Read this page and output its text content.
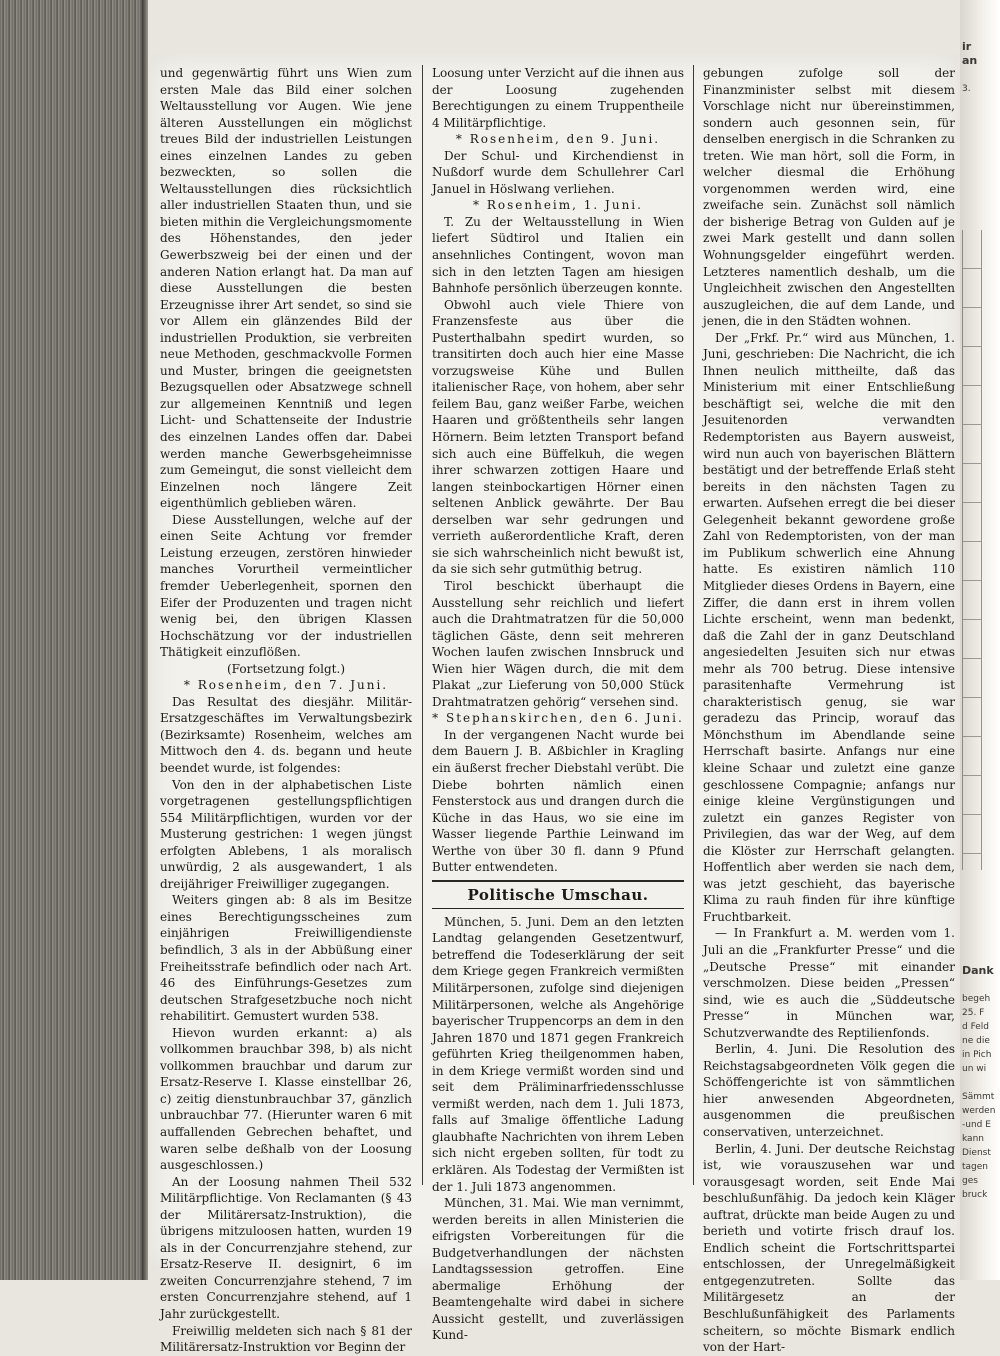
und gegenwärtig führt uns Wien zum ersten Male das Bild einer solchen Weltausstellung vor Augen. Wie jene älteren Ausstellungen ein möglichst treues Bild der industriellen Leistungen eines einzelnen Landes zu geben bezweckten, so sollen die Weltausstellungen dies rücksichtlich aller industriellen Staaten thun, und sie bieten mithin die Vergleichungsmomente des Höhenstandes, den jeder Gewerbszweig bei der einen und der anderen Nation erlangt hat. Da man auf diese Ausstellungen die besten Erzeugnisse ihrer Art sendet, so sind sie vor Allem ein glänzendes Bild der industriellen Produktion, sie verbreiten neue Methoden, geschmackvolle Formen und Muster, bringen die geeignetsten Bezugsquellen oder Absatzwege schnell zur allgemeinen Kenntniß und legen Licht- und Schattenseite der Industrie des einzelnen Landes offen dar. Dabei werden manche Gewerbsgeheimnisse zum Gemeingut, die sonst vielleicht dem Einzelnen noch längere Zeit eigenthümlich geblieben wären.

Diese Ausstellungen, welche auf der einen Seite Achtung vor fremder Leistung erzeugen, zerstören hinwieder manches Vorurtheil vermeintlicher fremder Ueberlegenheit, spornen den Eifer der Produzenten und tragen nicht wenig bei, den übrigen Klassen Hochschätzung vor der industriellen Thätigkeit einzuflößen.

(Fortsetzung folgt.)

* Rosenheim, den 7. Juni.

Das Resultat des diesjähr. Militär-Ersatzgeschäftes im Verwaltungsbezirk (Bezirksamte) Rosenheim, welches am Mittwoch den 4. ds. begann und heute beendet wurde, ist folgendes:

Von den in der alphabetischen Liste vorgetragenen gestellungspflichtigen 554 Militärpflichtigen, wurden vor der Musterung gestrichen: 1 wegen jüngst erfolgten Ablebens, 1 als moralisch unwürdig, 2 als ausgewandert, 1 als dreijähriger Freiwilliger zugegangen.

Weiters gingen ab: 8 als im Besitze eines Berechtigungsscheines zum einjährigen Freiwilligendienste befindlich, 3 als in der Abbüßung einer Freiheitsstrafe befindlich oder nach Art. 46 des Einführungs-Gesetzes zum deutschen Strafgesetzbuche noch nicht rehabilitirt. Gemustert wurden 538.

Hievon wurden erkannt: a) als vollkommen brauchbar 398, b) als nicht vollkommen brauchbar und darum zur Ersatz-Reserve I. Klasse einstellbar 26, c) zeitig dienstunbrauchbar 37, gänzlich unbrauchbar 77. (Hierunter waren 6 mit auffallenden Gebrechen behaftet, und waren selbe deßhalb von der Loosung ausgeschlossen.)

An der Loosung nahmen Theil 532 Militärpflichtige. Von Reclamanten (§ 43 der Militärersatz-Instruktion), die übrigens mitzuloosen hatten, wurden 19 als in der Concurrenzjahre stehend, zur Ersatz-Reserve II. designirt, 6 im zweiten Concurrenzjahre stehend, 7 im ersten Concurrenzjahre stehend, auf 1 Jahr zurückgestellt.

Freiwillig meldeten sich nach § 81 der Militärersatz-Instruktion vor Beginn der

Loosung unter Verzicht auf die ihnen aus der Loosung zugehenden Berechtigungen zu einem Truppentheile 4 Militärpflichtige.

* Rosenheim, den 9. Juni.

Der Schul- und Kirchendienst in Nußdorf wurde dem Schullehrer Carl Januel in Höslwang verliehen.

* Rosenheim, 1. Juni.

T. Zu der Weltausstellung in Wien liefert Südtirol und Italien ein ansehnliches Contingent, wovon man sich in den letzten Tagen am hiesigen Bahnhofe persönlich überzeugen konnte.

Obwohl auch viele Thiere von Franzensfeste aus über die Pusterthalbahn spedirt wurden, so transitirten doch auch hier eine Masse vorzugsweise Kühe und Bullen italienischer Raçe, von hohem, aber sehr feilem Bau, ganz weißer Farbe, weichen Haaren und größtentheils sehr langen Hörnern. Beim letzten Transport befand sich auch eine Büffelkuh, die wegen ihrer schwarzen zottigen Haare und langen steinbockartigen Hörner einen seltenen Anblick gewährte. Der Bau derselben war sehr gedrungen und verrieth außerordentliche Kraft, deren sie sich wahrscheinlich nicht bewußt ist, da sie sich sehr gutmüthig betrug.

Tirol beschickt überhaupt die Ausstellung sehr reichlich und liefert auch die Drahtmatratzen für die 50,000 täglichen Gäste, denn seit mehreren Wochen laufen zwischen Innsbruck und Wien hier Wägen durch, die mit dem Plakat „zur Lieferung von 50,000 Stück Drahtmatratzen gehörig“ versehen sind.

* Stephanskirchen, den 6. Juni.

In der vergangenen Nacht wurde bei dem Bauern J. B. Aßbichler in Kragling ein äußerst frecher Diebstahl verübt. Die Diebe bohrten nämlich einen Fensterstock aus und drangen durch die Küche in das Haus, wo sie eine im Wasser liegende Parthie Leinwand im Werthe von über 30 fl. dann 9 Pfund Butter entwendeten.

Politische Umschau.

München, 5. Juni. Dem an den letzten Landtag gelangenden Gesetzentwurf, betreffend die Todeserklärung der seit dem Kriege gegen Frankreich vermißten Militärpersonen, zufolge sind diejenigen Militärpersonen, welche als Angehörige bayerischer Truppencorps an dem in den Jahren 1870 und 1871 gegen Frankreich geführten Krieg theilgenommen haben, in dem Kriege vermißt worden sind und seit dem Präliminarfriedensschlusse vermißt werden, nach dem 1. Juli 1873, falls auf 3malige öffentliche Ladung glaubhafte Nachrichten von ihrem Leben sich nicht ergeben sollten, für todt zu erklären. Als Todestag der Vermißten ist der 1. Juli 1873 angenommen.

München, 31. Mai. Wie man vernimmt, werden bereits in allen Ministerien die eifrigsten Vorbereitungen für die Budgetverhandlungen der nächsten Landtagssession getroffen. Eine abermalige Erhöhung der Beamtengehalte wird dabei in sichere Aussicht gestellt, und zuverlässigen Kund-

gebungen zufolge soll der Finanzminister selbst mit diesem Vorschlage nicht nur übereinstimmen, sondern auch gesonnen sein, für denselben energisch in die Schranken zu treten. Wie man hört, soll die Form, in welcher diesmal die Erhöhung vorgenommen werden wird, eine zweifache sein. Zunächst soll nämlich der bisherige Betrag von Gulden auf je zwei Mark gestellt und dann sollen Wohnungsgelder eingeführt werden. Letzteres namentlich deshalb, um die Ungleichheit zwischen den Angestellten auszugleichen, die auf dem Lande, und jenen, die in den Städten wohnen.

Der „Frkf. Pr.“ wird aus München, 1. Juni, geschrieben: Die Nachricht, die ich Ihnen neulich mittheilte, daß das Ministerium mit einer Entschließung beschäftigt sei, welche die mit den Jesuitenorden verwandten Redemptoristen aus Bayern ausweist, wird nun auch von bayerischen Blättern bestätigt und der betreffende Erlaß steht bereits in den nächsten Tagen zu erwarten. Aufsehen erregt die bei dieser Gelegenheit bekannt gewordene große Zahl von Redemptoristen, von der man im Publikum schwerlich eine Ahnung hatte. Es existiren nämlich 110 Mitglieder dieses Ordens in Bayern, eine Ziffer, die dann erst in ihrem vollen Lichte erscheint, wenn man bedenkt, daß die Zahl der in ganz Deutschland angesiedelten Jesuiten sich nur etwas mehr als 700 betrug. Diese intensive parasitenhafte Vermehrung ist charakteristisch genug, sie war geradezu das Princip, worauf das Mönchsthum im Abendlande seine Herrschaft basirte. Anfangs nur eine kleine Schaar und zuletzt eine ganze geschlossene Compagnie; anfangs nur einige kleine Vergünstigungen und zuletzt ein ganzes Register von Privilegien, das war der Weg, auf dem die Klöster zur Herrschaft gelangten. Hoffentlich aber werden sie nach dem, was jetzt geschieht, das bayerische Klima zu rauh finden für ihre künftige Fruchtbarkeit.

— In Frankfurt a. M. werden vom 1. Juli an die „Frankfurter Presse“ und die „Deutsche Presse“ mit einander verschmolzen. Diese beiden „Pressen“ sind, wie es auch die „Süddeutsche Presse“ in München war, Schutzverwandte des Reptilienfonds.

Berlin, 4. Juni. Die Resolution des Reichstagsabgeordneten Völk gegen die Schöffengerichte ist von sämmtlichen hier anwesenden Abgeordneten, ausgenommen die preußischen conservativen, unterzeichnet.

Berlin, 4. Juni. Der deutsche Reichstag ist, wie vorauszusehen war und vorausgesagt worden, seit Ende Mai beschlußunfähig. Da jedoch kein Kläger auftrat, drückte man beide Augen zu und berieth und votirte frisch drauf los. Endlich scheint die Fortschrittspartei entschlossen, der Unregelmäßigkeit entgegenzutreten. Sollte das Militärgesetz an der Beschlußunfähigkeit des Parlaments scheitern, so möchte Bismark endlich von der Hart-

ir
an

3.

Dank

begeh
25. F
d Feld
ne die
in Pich
un wi

Sämmt
werden
-und E
kann
Dienst
tagen
ges
bruck
